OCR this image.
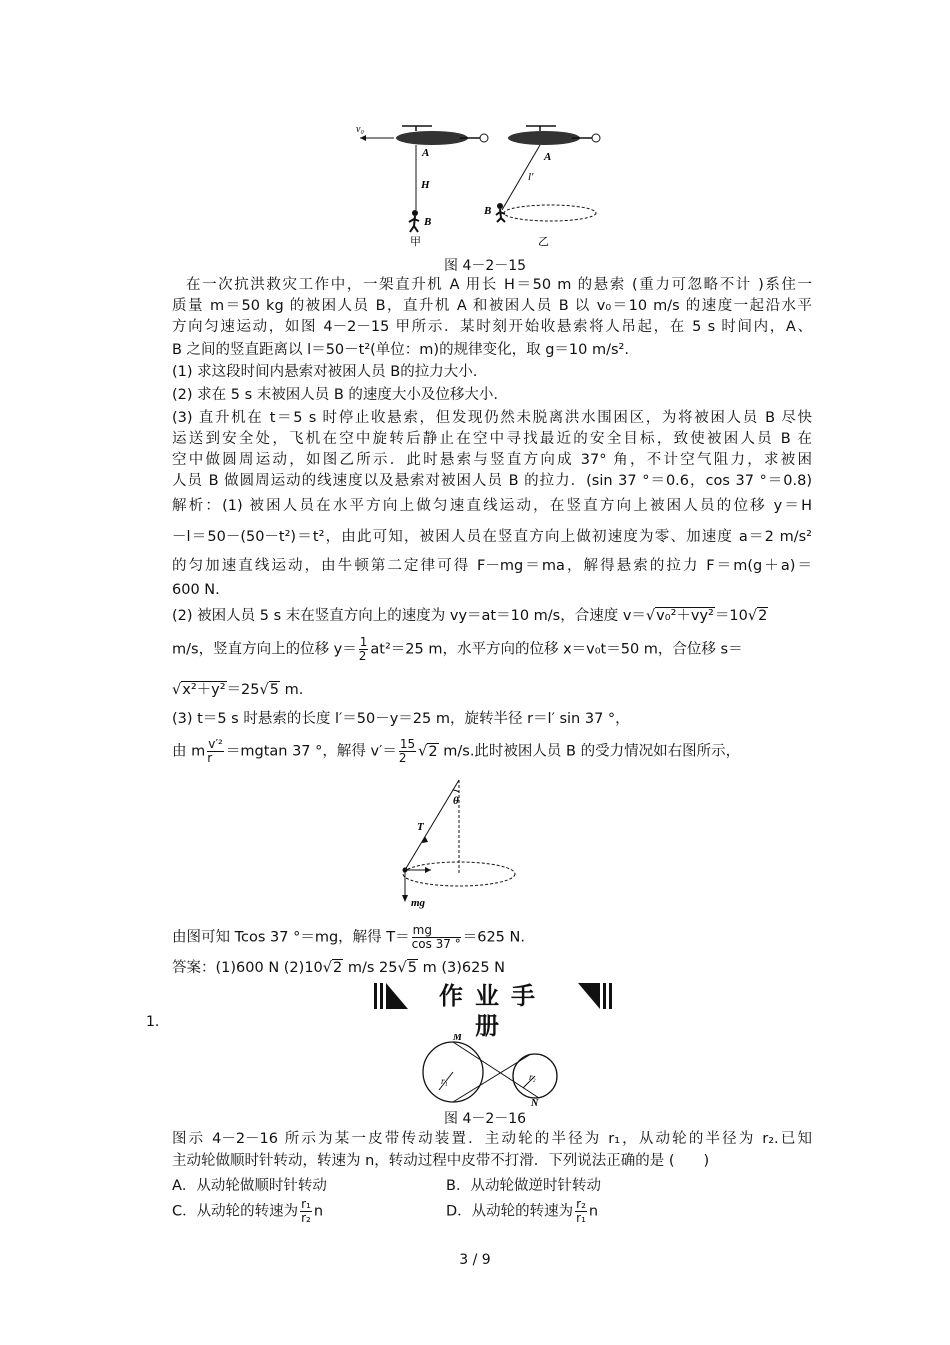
v₀
A
H
B
甲
A
l′
B
乙
图 4－2－15
在一次抗洪救灾工作中，一架直升机 A 用长 H＝50 m 的悬索 (重力可忽略不计 )系住一
质量 m＝50 kg 的被困人员 B，直升机 A 和被困人员 B 以 v₀＝10 m/s 的速度一起沿水平
方向匀速运动，如图 4－2－15 甲所示．某时刻开始收悬索将人吊起，在 5 s 时间内，A、
B 之间的竖直距离以 l＝50－t²(单位：m)的规律变化，取 g＝10 m/s².
(1) 求这段时间内悬索对被困人员 B的拉力大小.
(2) 求在 5 s 末被困人员 B 的速度大小及位移大小.
(3) 直升机在 t＝5 s 时停止收悬索，但发现仍然未脱离洪水围困区，为将被困人员 B 尽快
运送到安全处，飞机在空中旋转后静止在空中寻找最近的安全目标，致使被困人员 B 在
空中做圆周运动，如图乙所示．此时悬索与竖直方向成 37° 角，不计空气阻力，求被困
人员 B 做圆周运动的线速度以及悬索对被困人员 B 的拉力．(sin 37 °＝0.6，cos 37 °＝0.8)
解析：(1) 被困人员在水平方向上做匀速直线运动，在竖直方向上被困人员的位移 y＝H
－l＝50－(50－t²)＝t²，由此可知，被困人员在竖直方向上做初速度为零、加速度 a＝2 m/s²
的匀加速直线运动，由牛顿第二定律可得 F－mg＝ma，解得悬索的拉力 F＝m(g＋a)＝
600 N.
(2) 被困人员 5 s 末在竖直方向上的速度为 vy＝at＝10 m/s，合速度 v＝√v₀²＋vy²＝10√2
m/s，竖直方向上的位移 $y= \frac{1}{2} at^2=25$ m，水平方向的位移 x＝v₀t＝50 m，合位移 s＝
√x²＋y²＝25√5 m.
(3) t＝5 s 时悬索的长度 l′＝50－y＝25 m，旋转半径 r＝l′ sin 37 °，
由 m $\frac{\text{v′²}}{r} =mgtan$ 37 °，解得 $v'= \frac{15}{2} √2$ m/s.此时被困人员 B 的受力情况如右图所示，
θ
T
mg
由图可知 Tcos 37 °＝mg，解得 $T= \frac{mg}{\cos 37 ^\circ} =625$ N.
答案：(1)600 N (2)10√2 m/s 25√5 m (3)625 N
作业手册
1.
M
N
r₁	r₂
图 4－2－16
图示 4－2－16 所示为某一皮带传动装置．主动轮的半径为 r₁，从动轮的半径为 r₂.已知
主动轮做顺时针转动，转速为 n，转动过程中皮带不打滑．下列说法正确的是 (　　)
A．从动轮做顺时针转动	B．从动轮做逆时针转动
C．从动轮的转速为 $\frac{\text{r₁}}{\text{r₂}}$ n	D．从动轮的转速为 $\frac{\text{r₂}}{\text{r₁}}$ n
3 / 9
